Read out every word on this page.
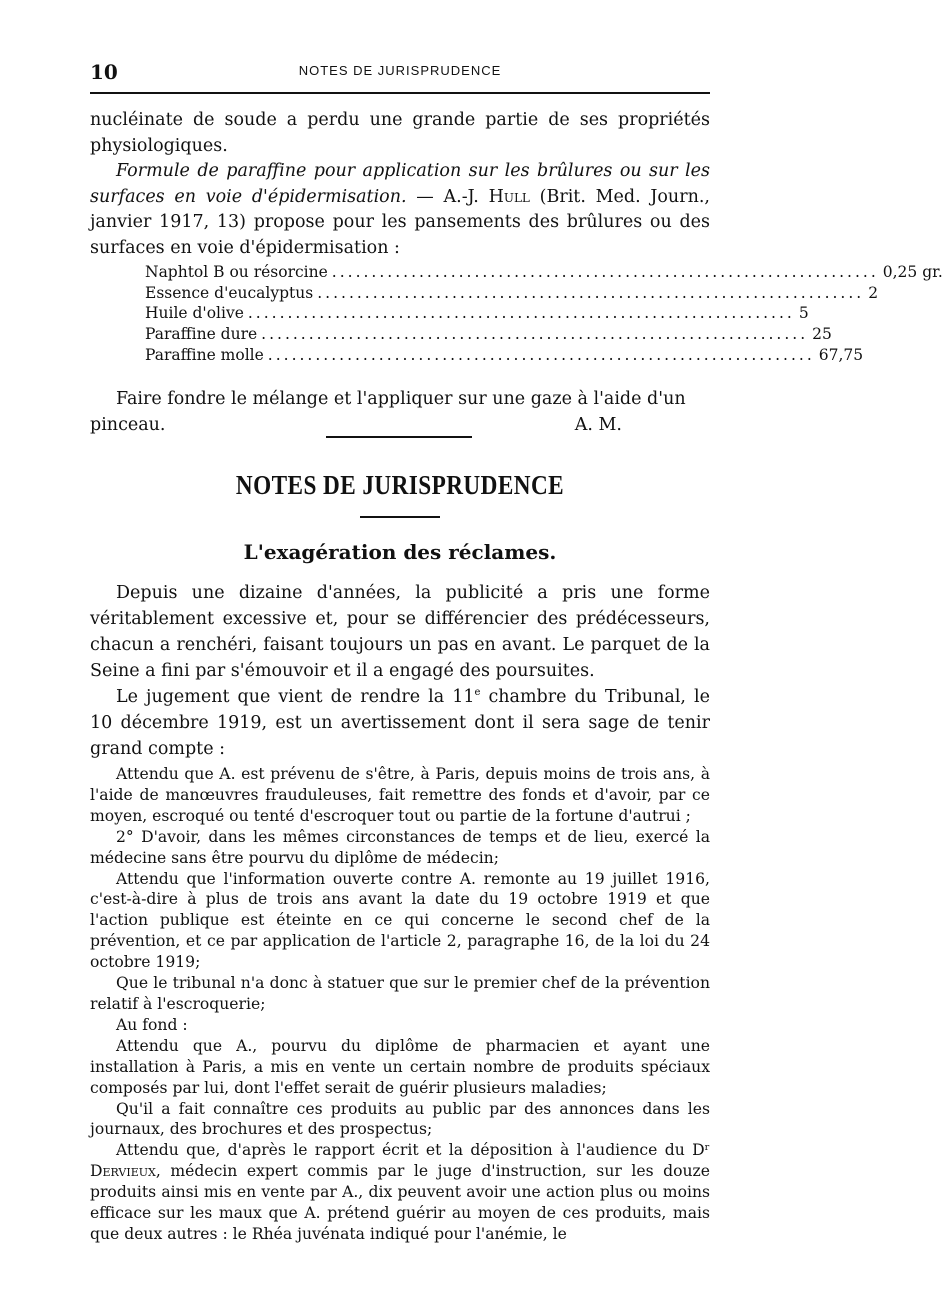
10	NOTES DE JURISPRUDENCE

nucléinate de soude a perdu une grande partie de ses propriétés physiologiques.

Formule de paraffine pour application sur les brûlures ou sur les surfaces en voie d'épidermisation. — A.-J. Hull (Brit. Med. Journ., janvier 1917, 13) propose pour les pansements des brûlures ou des surfaces en voie d'épidermisation :

Naphtol B ou résorcine ..................................................................... 0,25 gr.
Essence d'eucalyptus ..................................................................... 2
Huile d'olive ..................................................................... 5
Paraffine dure ..................................................................... 25
Paraffine molle ..................................................................... 67,75
Faire fondre le mélange et l'appliquer sur une gaze à l'aide d'un
pinceau.	A. M.
NOTES DE JURISPRUDENCE
L'exagération des réclames.

Depuis une dizaine d'années, la publicité a pris une forme véritablement excessive et, pour se différencier des prédécesseurs, chacun a renchéri, faisant toujours un pas en avant. Le parquet de la Seine a fini par s'émouvoir et il a engagé des poursuites.

Le jugement que vient de rendre la 11e chambre du Tribunal, le 10 décembre 1919, est un avertissement dont il sera sage de tenir grand compte :

Attendu que A. est prévenu de s'être, à Paris, depuis moins de trois ans, à l'aide de manœuvres frauduleuses, fait remettre des fonds et d'avoir, par ce moyen, escroqué ou tenté d'escroquer tout ou partie de la fortune d'autrui ;

2° D'avoir, dans les mêmes circonstances de temps et de lieu, exercé la médecine sans être pourvu du diplôme de médecin;

Attendu que l'information ouverte contre A. remonte au 19 juillet 1916, c'est-à-dire à plus de trois ans avant la date du 19 octobre 1919 et que l'action publique est éteinte en ce qui concerne le second chef de la prévention, et ce par application de l'article 2, paragraphe 16, de la loi du 24 octobre 1919;

Que le tribunal n'a donc à statuer que sur le premier chef de la prévention relatif à l'escroquerie;

Au fond :

Attendu que A., pourvu du diplôme de pharmacien et ayant une installation à Paris, a mis en vente un certain nombre de produits spéciaux composés par lui, dont l'effet serait de guérir plusieurs maladies;

Qu'il a fait connaître ces produits au public par des annonces dans les journaux, des brochures et des prospectus;

Attendu que, d'après le rapport écrit et la déposition à l'audience du Dʳ Dervieux, médecin expert commis par le juge d'instruction, sur les douze produits ainsi mis en vente par A., dix peuvent avoir une action plus ou moins efficace sur les maux que A. prétend guérir au moyen de ces produits, mais que deux autres : le Rhéa juvénata indiqué pour l'anémie, le
